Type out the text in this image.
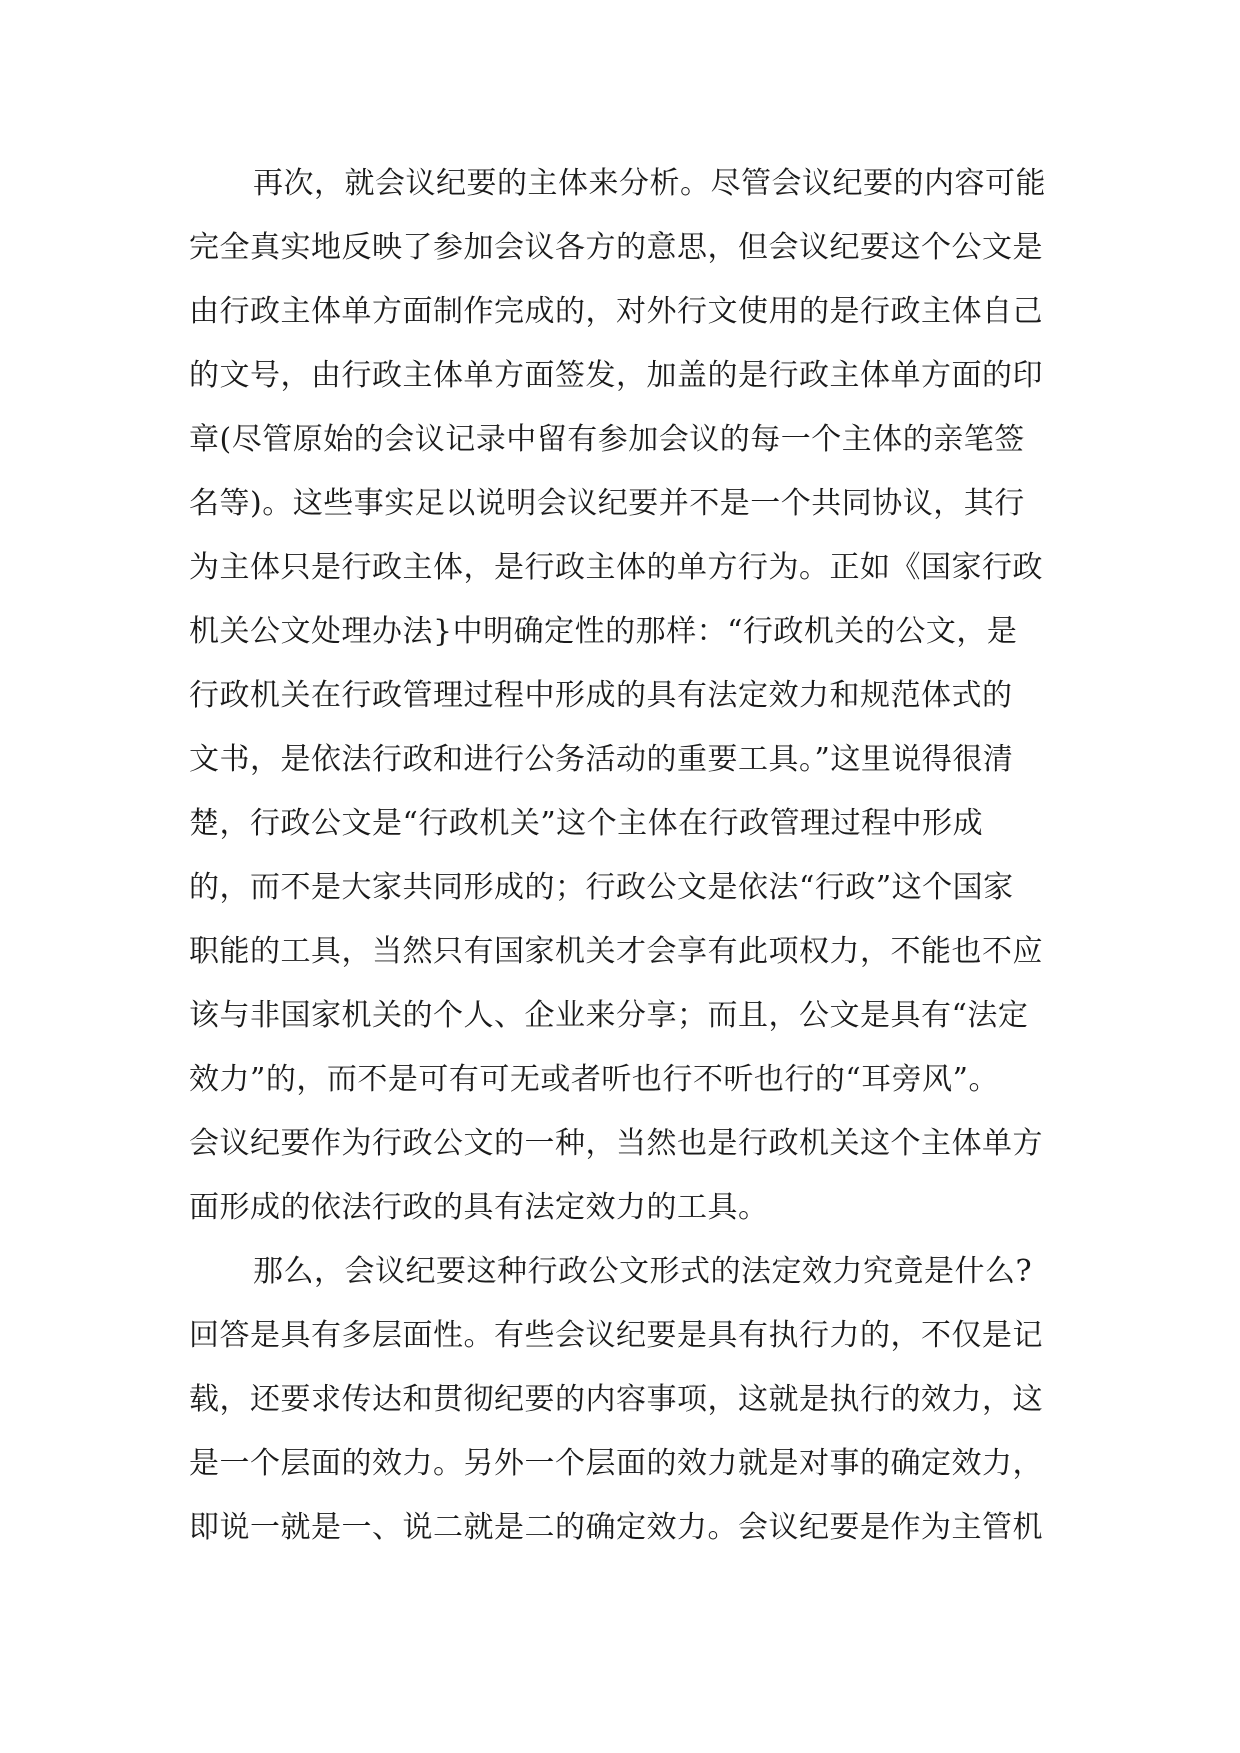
再次，就会议纪要的主体来分析。尽管会议纪要的内容可能
完全真实地反映了参加会议各方的意思，但会议纪要这个公文是
由行政主体单方面制作完成的，对外行文使用的是行政主体自己
的文号，由行政主体单方面签发，加盖的是行政主体单方面的印
章(尽管原始的会议记录中留有参加会议的每一个主体的亲笔签
名等)。这些事实足以说明会议纪要并不是一个共同协议，其行
为主体只是行政主体，是行政主体的单方行为。正如《国家行政
机关公文处理办法}中明确定性的那样：“行政机关的公文，是
行政机关在行政管理过程中形成的具有法定效力和规范体式的
文书，是依法行政和进行公务活动的重要工具。”这里说得很清
楚，行政公文是“行政机关”这个主体在行政管理过程中形成
的，而不是大家共同形成的；行政公文是依法“行政”这个国家
职能的工具，当然只有国家机关才会享有此项权力，不能也不应
该与非国家机关的个人、企业来分享；而且，公文是具有“法定
效力”的，而不是可有可无或者听也行不听也行的“耳旁风”。
会议纪要作为行政公文的一种，当然也是行政机关这个主体单方
面形成的依法行政的具有法定效力的工具。
那么，会议纪要这种行政公文形式的法定效力究竟是什么?
回答是具有多层面性。有些会议纪要是具有执行力的，不仅是记
载，还要求传达和贯彻纪要的内容事项，这就是执行的效力，这
是一个层面的效力。另外一个层面的效力就是对事的确定效力，
即说一就是一、说二就是二的确定效力。会议纪要是作为主管机
